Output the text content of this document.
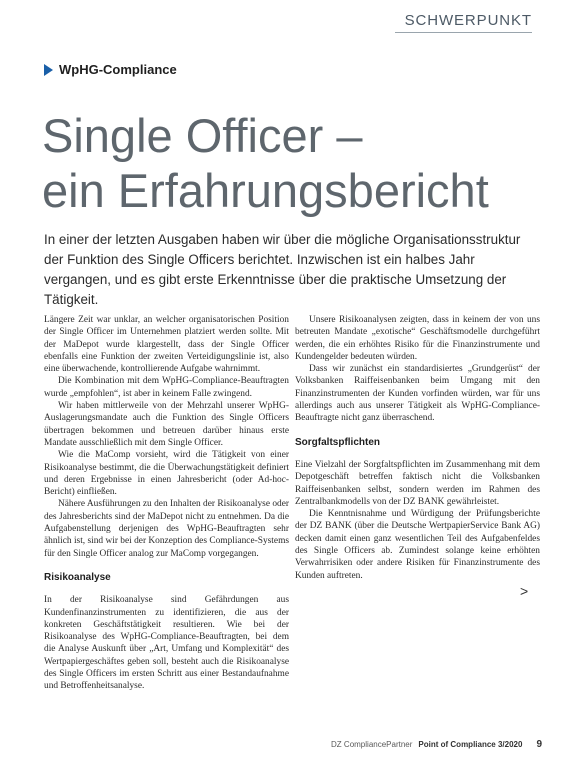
SCHWERPUNKT
WpHG-Compliance
Single Officer –
ein Erfahrungsbericht

In einer der letzten Ausgaben haben wir über die mögliche Organisationsstruktur der Funktion des Single Officers berichtet. Inzwischen ist ein halbes Jahr vergangen, und es gibt erste Erkenntnisse über die praktische Umsetzung der Tätigkeit.

Längere Zeit war unklar, an welcher organisatorischen Position der Single Officer im Unternehmen platziert werden sollte. Mit der MaDepot wurde klargestellt, dass der Single Officer ebenfalls eine Funktion der zweiten Verteidigungslinie ist, also eine überwachende, kontrollierende Aufgabe wahrnimmt.

Die Kombination mit dem WpHG-Compliance-Beauftragten wurde „empfohlen“, ist aber in keinem Falle zwingend.

Wir haben mittlerweile von der Mehrzahl unserer WpHG-Auslagerungsmandate auch die Funktion des Single Officers übertragen bekommen und betreuen darüber hinaus erste Mandate ausschließlich mit dem Single Officer.

Wie die MaComp vorsieht, wird die Tätigkeit von einer Risikoanalyse bestimmt, die die Überwachungstätigkeit definiert und deren Ergebnisse in einen Jahresbericht (oder Ad-hoc-Bericht) einfließen.

Nähere Ausführungen zu den Inhalten der Risikoanalyse oder des Jahresberichts sind der MaDepot nicht zu entnehmen. Da die Aufgabenstellung derjenigen des WpHG-Beauftragten sehr ähnlich ist, sind wir bei der Konzeption des Compliance-Systems für den Single Officer analog zur MaComp vorgegangen.

Risikoanalyse

In der Risikoanalyse sind Gefährdungen aus Kundenfinanzinstrumenten zu identifizieren, die aus der konkreten Geschäftstätigkeit resultieren. Wie bei der Risikoanalyse des WpHG-Compliance-Beauftragten, bei dem die Analyse Auskunft über „Art, Umfang und Komplexität“ des Wertpapiergeschäftes geben soll, besteht auch die Risikoanalyse des Single Officers im ersten Schritt aus einer Bestandaufnahme und Betroffenheitsanalyse.

Unsere Risikoanalysen zeigten, dass in keinem der von uns betreuten Mandate „exotische“ Geschäftsmodelle durchgeführt werden, die ein erhöhtes Risiko für die Finanzinstrumente und Kundengelder bedeuten würden.

Dass wir zunächst ein standardisiertes „Grundgerüst“ der Volksbanken Raiffeisenbanken beim Umgang mit den Finanzinstrumenten der Kunden vorfinden würden, war für uns allerdings auch aus unserer Tätigkeit als WpHG-Compliance-Beauftragte nicht ganz überraschend.

Sorgfaltspflichten

Eine Vielzahl der Sorgfaltspflichten im Zusammenhang mit dem Depotgeschäft betreffen faktisch nicht die Volksbanken Raiffeisenbanken selbst, sondern werden im Rahmen des Zentralbankmodells von der DZ BANK gewährleistet.

Die Kenntnisnahme und Würdigung der Prüfungsberichte der DZ BANK (über die Deutsche WertpapierService Bank AG) decken damit einen ganz wesentlichen Teil des Aufgabenfeldes des Single Officers ab. Zumindest solange keine erhöhten Verwahrrisiken oder andere Risiken für Finanzinstrumente des Kunden auftreten.

>
DZ CompliancePartner Point of Compliance 3/2020 9
